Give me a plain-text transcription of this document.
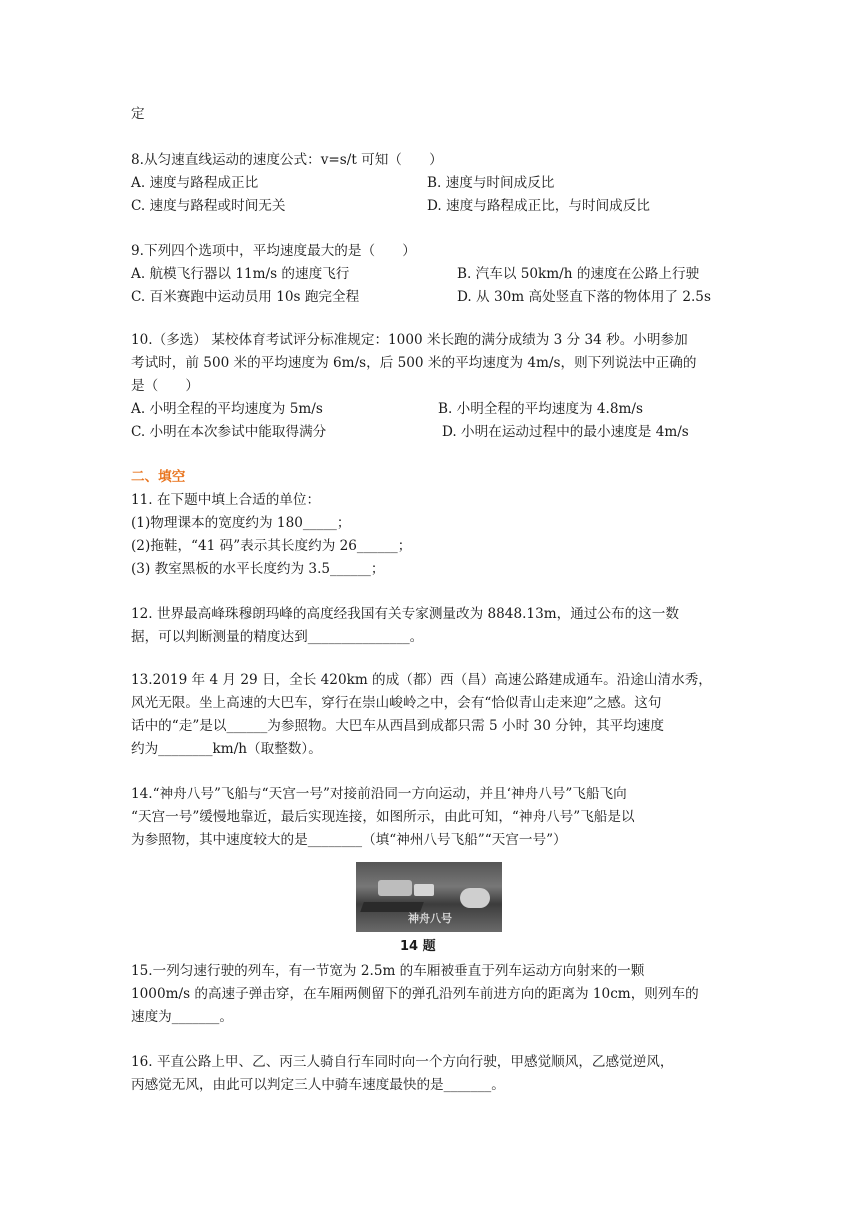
定
8.从匀速直线运动的速度公式：v=s/t 可知（　　）
A. 速度与路程成正比	B. 速度与时间成反比
C. 速度与路程或时间无关	D. 速度与路程成正比，与时间成反比
9.下列四个选项中，平均速度最大的是（　　）
A. 航模飞行器以 11m/s 的速度飞行	B. 汽车以 50km/h 的速度在公路上行驶
C. 百米赛跑中运动员用 10s 跑完全程	D. 从 30m 高处竖直下落的物体用了 2.5s
10.（多选） 某校体育考试评分标准规定：1000 米长跑的满分成绩为 3 分 34 秒。小明参加
考试时，前 500 米的平均速度为 6m/s，后 500 米的平均速度为 4m/s，则下列说法中正确的
是（　　）
A. 小明全程的平均速度为 5m/s	B. 小明全程的平均速度为 4.8m/s
C. 小明在本次参试中能取得满分	D. 小明在运动过程中的最小速度是 4m/s
二、填空
11. 在下题中填上合适的单位：
(1)物理课本的宽度约为 180_____；
(2)拖鞋，“41 码”表示其长度约为 26______；
(3) 教室黑板的水平长度约为 3.5______；
12. 世界最高峰珠穆朗玛峰的高度经我国有关专家测量改为 8848.13m，通过公布的这一数
据，可以判断测量的精度达到_______________。
13.2019 年 4 月 29 日，全长 420km 的成（都）西（昌）高速公路建成通车。沿途山清水秀，
风光无限。坐上高速的大巴车，穿行在崇山峻岭之中，会有“恰似青山走来迎”之感。这句
话中的“走”是以______为参照物。大巴车从西昌到成都只需 5 小时 30 分钟，其平均速度
约为________km/h（取整数）。
14.“神舟八号”飞船与“天宫一号”对接前沿同一方向运动，并且‘神舟八号”飞船飞向
“天宫一号”缓慢地靠近，最后实现连接，如图所示，由此可知，“神舟八号”飞船是以
为参照物，其中速度较大的是________（填“神州八号飞船”“天宫一号”）
神舟八号
14 题
15.一列匀速行驶的列车，有一节宽为 2.5m 的车厢被垂直于列车运动方向射来的一颗
1000m/s 的高速子弹击穿，在车厢两侧留下的弹孔沿列车前进方向的距离为 10cm，则列车的
速度为_______。
16. 平直公路上甲、乙、丙三人骑自行车同时向一个方向行驶，甲感觉顺风，乙感觉逆风，
丙感觉无风，由此可以判定三人中骑车速度最快的是_______。
